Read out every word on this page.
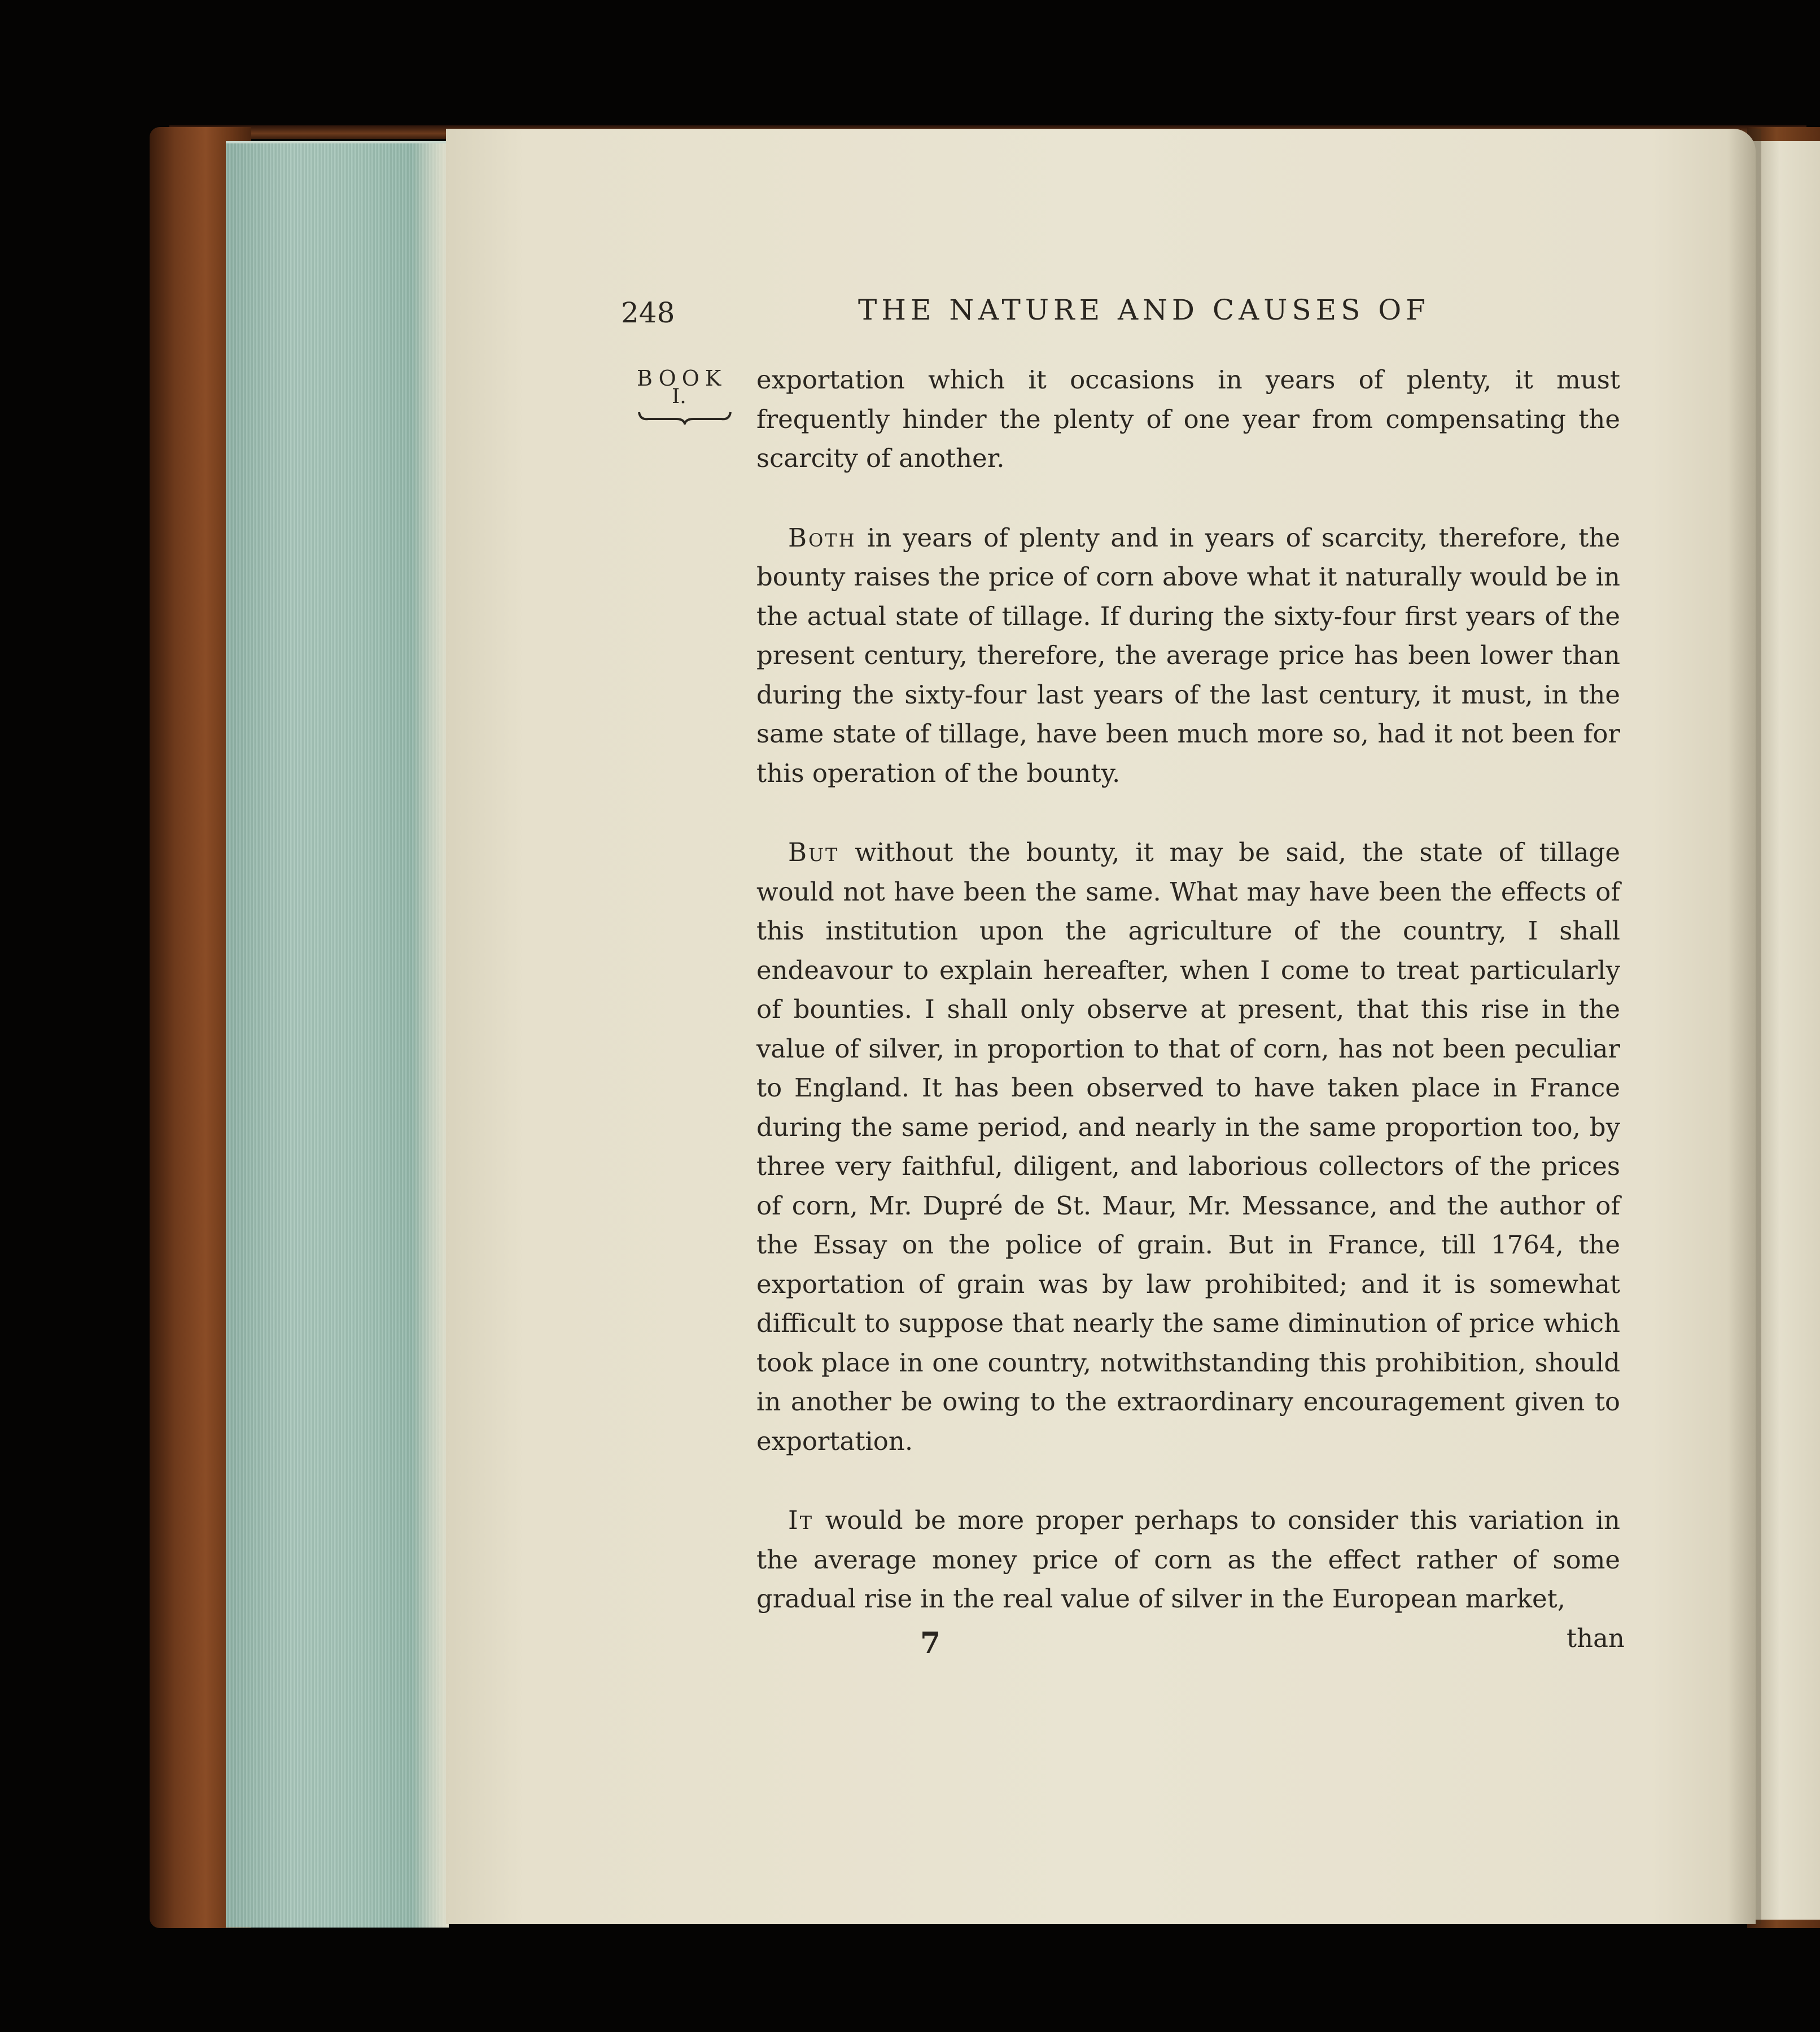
248	THE NATURE AND CAUSES OF
BOOK
I.

exportation which it occasions in years of plenty, it must frequently hinder the plenty of one year from compensating the scarcity of another.

Both in years of plenty and in years of scarcity, therefore, the bounty raises the price of corn above what it naturally would be in the actual state of tillage. If during the sixty-four first years of the present century, therefore, the average price has been lower than during the sixty-four last years of the last century, it must, in the same state of tillage, have been much more so, had it not been for this operation of the bounty.

But without the bounty, it may be said, the state of tillage would not have been the same. What may have been the effects of this institution upon the agriculture of the country, I shall endeavour to explain hereafter, when I come to treat particularly of bounties. I shall only observe at present, that this rise in the value of silver, in proportion to that of corn, has not been peculiar to England. It has been observed to have taken place in France during the same period, and nearly in the same proportion too, by three very faithful, diligent, and laborious collectors of the prices of corn, Mr. Dupré de St. Maur, Mr. Messance, and the author of the Essay on the police of grain. But in France, till 1764, the exportation of grain was by law prohibited; and it is somewhat difficult to suppose that nearly the same diminution of price which took place in one country, notwithstanding this prohibition, should in another be owing to the extraordinary encouragement given to exportation.

It would be more proper perhaps to consider this variation in the average money price of corn as the effect rather of some gradual rise in the real value of silver in the European market,

7	than
